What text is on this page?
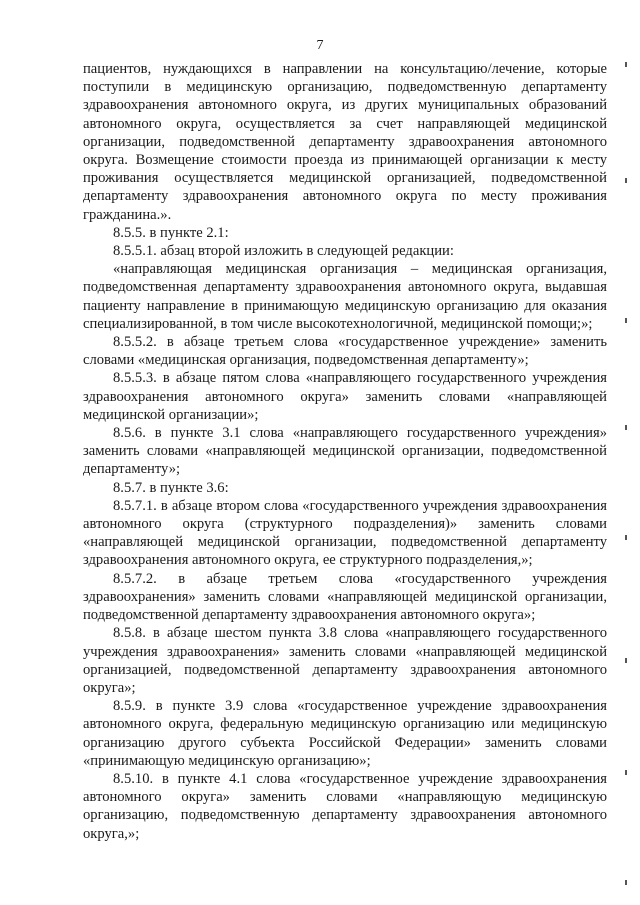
7

пациентов, нуждающихся в направлении на консультацию/лечение, которые поступили в медицинскую организацию, подведомственную департаменту здравоохранения автономного округа, из других муниципальных образований автономного округа, осуществляется за счет направляющей медицинской организации, подведомственной департаменту здравоохранения автономного округа. Возмещение стоимости проезда из принимающей организации к месту проживания осуществляется медицинской организацией, подведомственной департаменту здравоохранения автономного округа по месту проживания гражданина.».

8.5.5. в пункте 2.1:

8.5.5.1. абзац второй изложить в следующей редакции:

«направляющая медицинская организация – медицинская организация, подведомственная департаменту здравоохранения автономного округа, выдавшая пациенту направление в принимающую медицинскую организацию для оказания специализированной, в том числе высокотехнологичной, медицинской помощи;»;

8.5.5.2. в абзаце третьем слова «государственное учреждение» заменить словами «медицинская организация, подведомственная департаменту»;

8.5.5.3. в абзаце пятом слова «направляющего государственного учреждения здравоохранения автономного округа» заменить словами «направляющей медицинской организации»;

8.5.6. в пункте 3.1 слова «направляющего государственного учреждения» заменить словами «направляющей медицинской организации, подведомственной департаменту»;

8.5.7. в пункте 3.6:

8.5.7.1. в абзаце втором слова «государственного учреждения здравоохранения автономного округа (структурного подразделения)» заменить словами «направляющей медицинской организации, подведомственной департаменту здравоохранения автономного округа, ее структурного подразделения,»;

8.5.7.2. в абзаце третьем слова «государственного учреждения здравоохранения» заменить словами «направляющей медицинской организации, подведомственной департаменту здравоохранения автономного округа»;

8.5.8. в абзаце шестом пункта 3.8 слова «направляющего государственного учреждения здравоохранения» заменить словами «направляющей медицинской организацией, подведомственной департаменту здравоохранения автономного округа»;

8.5.9. в пункте 3.9 слова «государственное учреждение здравоохранения автономного округа, федеральную медицинскую организацию или медицинскую организацию другого субъекта Российской Федерации» заменить словами «принимающую медицинскую организацию»;

8.5.10. в пункте 4.1 слова «государственное учреждение здравоохранения автономного округа» заменить словами «направляющую медицинскую организацию, подведомственную департаменту здравоохранения автономного округа,»;
